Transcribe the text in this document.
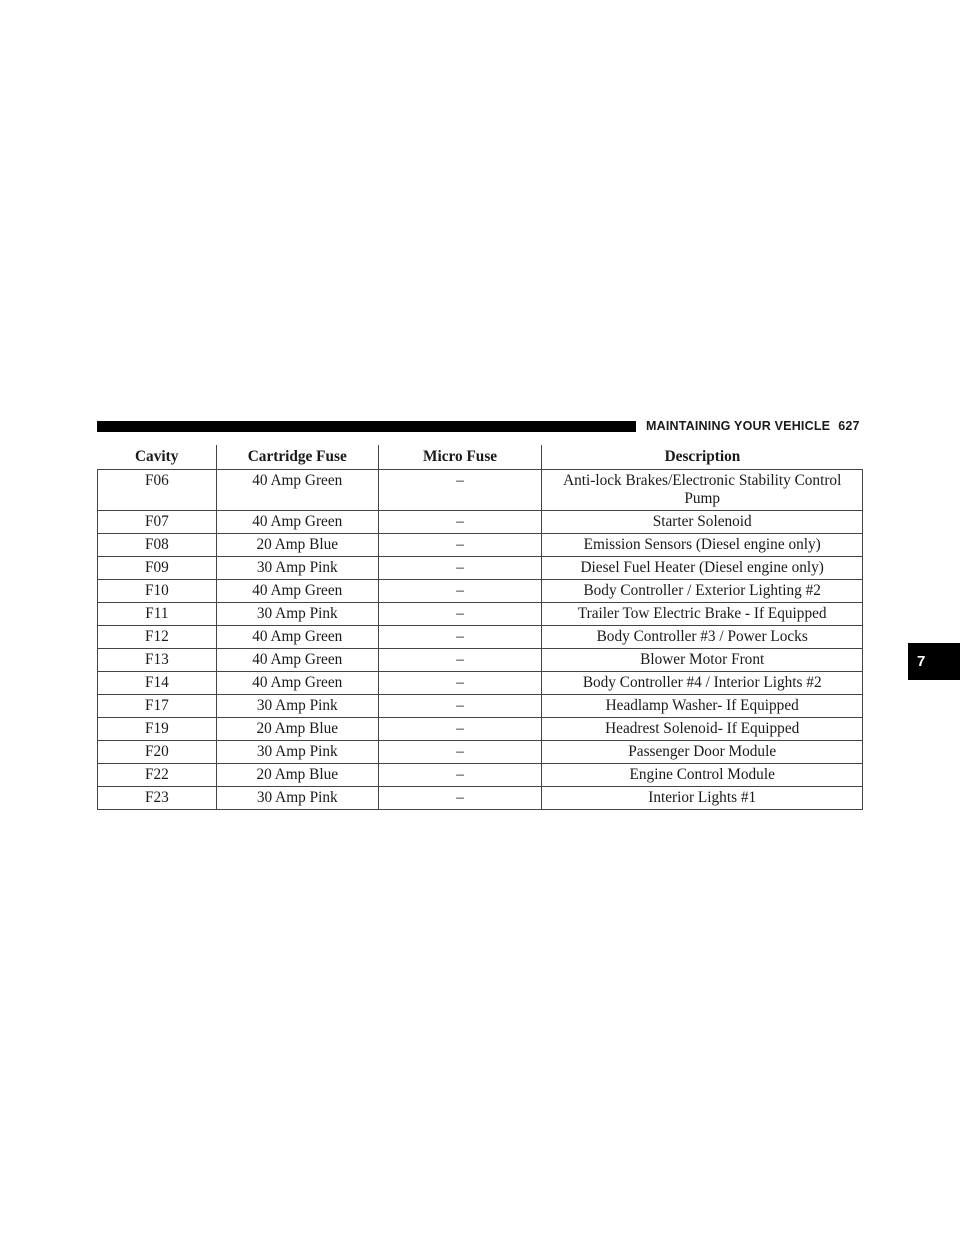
MAINTAINING YOUR VEHICLE 627
7
Cavity	Cartridge Fuse	Micro Fuse	Description
F06	40 Amp Green	–	Anti-lock Brakes/Electronic Stability Control Pump
F07	40 Amp Green	–	Starter Solenoid
F08	20 Amp Blue	–	Emission Sensors (Diesel engine only)
F09	30 Amp Pink	–	Diesel Fuel Heater (Diesel engine only)
F10	40 Amp Green	–	Body Controller / Exterior Lighting #2
F11	30 Amp Pink	–	Trailer Tow Electric Brake - If Equipped
F12	40 Amp Green	–	Body Controller #3 / Power Locks
F13	40 Amp Green	–	Blower Motor Front
F14	40 Amp Green	–	Body Controller #4 / Interior Lights #2
F17	30 Amp Pink	–	Headlamp Washer- If Equipped
F19	20 Amp Blue	–	Headrest Solenoid- If Equipped
F20	30 Amp Pink	–	Passenger Door Module
F22	20 Amp Blue	–	Engine Control Module
F23	30 Amp Pink	–	Interior Lights #1
